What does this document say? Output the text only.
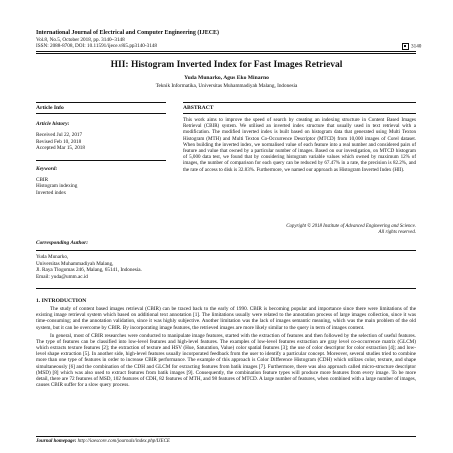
International Journal of Electrical and Computer Engineering (IJECE)
Vol.8, No.5, October 2018, pp. 3140~3148
ISSN: 2088-8708, DOI: 10.11591/ijece.v8i5.pp3140-3148	3140
HII: Histogram Inverted Index for Fast Images Retrieval
Yuda Munarko, Agus Eko Minarno
Teknik Informatika, Universitas Muhammadiyah Malang, Indonesia
Article Info
Article history:
Received Jul 22, 2017
Revised Feb 10, 2018
Accepted Mar 15, 2018
Keyword:
CBIR
Histogram indexing
Inverted index
ABSTRACT
This work aims to improve the speed of search by creating an indexing structure in Content Based Images Retrieval (CBIR) system. We utilised an inverted index structure that usually used in text retrieval with a modification. The modified inverted index is built based on histogram data that generated using Multi Texton Histogram (MTH) and Multi Texton Co-Occurrence Descriptor (MTCD) from 10,000 images of Corel dataset. When building the inverted index, we normalised value of each feature into a real number and considered pairs of feature and value that owned by a particular number of images. Based on our investigation, on MTCD histogram of 5,000 data test, we found that by considering histogram variable values which owned by maximum 12% of images, the number of comparison for each query can be reduced by 67.47% in a rate, the precision is 82.2%, and the rate of access to disk is 32.83%. Furthermore, we named our approach as Histogram Inverted Index (HII).
Copyright © 2018 Institute of Advanced Engineering and Science.
All rights reserved.
Corresponding Author:
Yuda Munarko,
Universitas Muhammadiyah Malang,
Jl. Raya Tlogomas 246, Malang, 65141, Indonesia.
Email: yuda@umm.ac.id
1. INTRODUCTION

The study of content based images retrieval (CBIR) can be traced back to the early of 1990. CBIR is becoming popular and importance since there were limitations of the existing image retrieval system which based on additional text annotation [1]. The limitations usually were related to the annotation process of large images collection, since it was time-consuming; and the annotation validation, since it was highly subjective. Another limitation was the lack of images semantic meaning, which was the main problem of the old system, but it can be overcome by CBIR. By incorporating image features, the retrieved images are more likely similar to the query in term of images content.

In general, most of CBIR researches were conducted to manipulate image features, started with the extraction of features and then followed by the selection of useful features. The type of features can be classified into low-level features and high-level features. The examples of low-level features extraction are gray level co-occurrence matrix (GLCM) which extracts texture features [2]; the extraction of texture and HSV (Hue, Saturation, Value) color spatial features [3]; the use of color descriptor for color extraction [4]; and low-level shape extraction [5]. In another side, high-level features usually incorporated feedback from the user to identify a particular concept. Moreover, several studies tried to combine more than one type of features in order to increase CBIR performance. The example of this approach is Color Difference Histogram (CDH) which utilizes color, texture, and shape simultaneously [6] and the combination of the CDH and GLCM for extracting features from batik images [7]. Furthermore, there was also approach called micro-structure descriptor (MSD) [8] which was also used to extract features from batik images [9]. Consequently, the combination feature types will produce more features from every image. To be more detail, there are 72 features of MSD, 102 features of CDH, 82 features of MTH, and 98 features of MTCD. A large number of features, when combined with a large number of images, causes CBIR suffer for a slow query process.

Journal homepage: http://iaescore.com/journals/index.php/IJECE
